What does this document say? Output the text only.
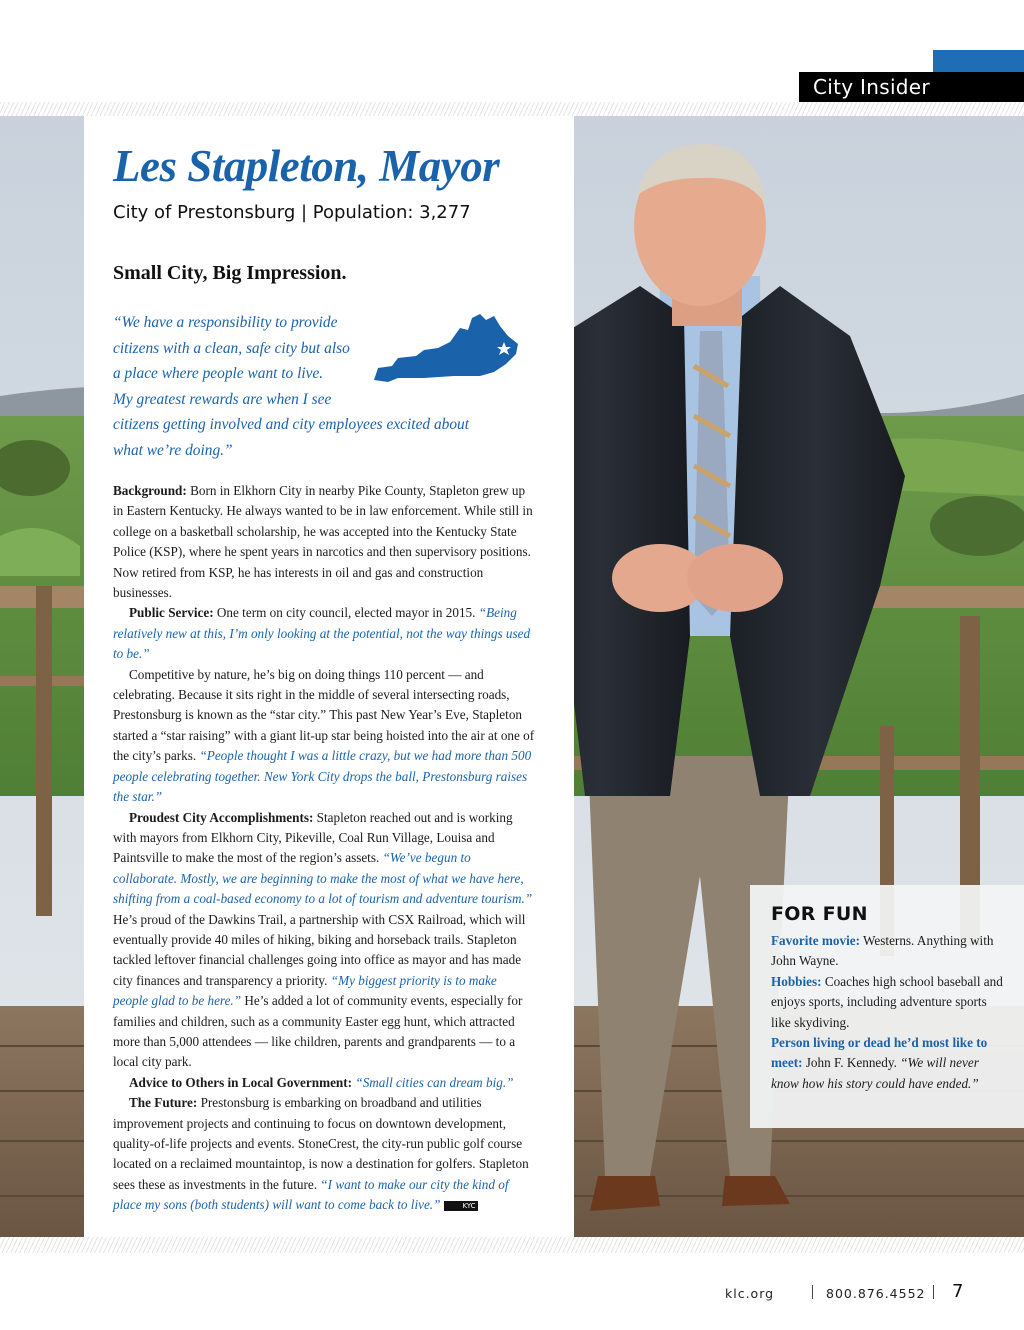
City Insider
Les Stapleton, Mayor
City of Prestonsburg | Population: 3,277
Small City, Big Impression.
“We have a responsibility to provide
citizens with a clean, safe city but also
a place where people want to live.
My greatest rewards are when I see
citizens getting involved and city employees excited about
what we’re doing.”

Background: Born in Elkhorn City in nearby Pike County, Stapleton grew up in Eastern Kentucky. He always wanted to be in law enforcement. While still in college on a basketball scholarship, he was accepted into the Kentucky State Police (KSP), where he spent years in narcotics and then supervisory positions. Now retired from KSP, he has interests in oil and gas and construction businesses.

Public Service: One term on city council, elected mayor in 2015. “Being relatively new at this, I’m only looking at the potential, not the way things used to be.”

Competitive by nature, he’s big on doing things 110 percent — and celebrating. Because it sits right in the middle of several intersecting roads, Prestonsburg is known as the “star city.” This past New Year’s Eve, Stapleton started a “star raising” with a giant lit-up star being hoisted into the air at one of the city’s parks. “People thought I was a little crazy, but we had more than 500 people celebrating together. New York City drops the ball, Prestonsburg raises the star.”

Proudest City Accomplishments: Stapleton reached out and is working with mayors from Elkhorn City, Pikeville, Coal Run Village, Louisa and Paintsville to make the most of the region’s assets. “We’ve begun to collaborate. Mostly, we are beginning to make the most of what we have here, shifting from a coal-based economy to a lot of tourism and adventure tourism.” He’s proud of the Dawkins Trail, a partnership with CSX Railroad, which will eventually provide 40 miles of hiking, biking and horseback trails. Stapleton tackled leftover financial challenges going into office as mayor and has made city finances and transparency a priority. “My biggest priority is to make people glad to be here.” He’s added a lot of community events, especially for families and children, such as a community Easter egg hunt, which attracted more than 5,000 attendees — like children, parents and grandparents — to a local city park.

Advice to Others in Local Government: “Small cities can dream big.”

The Future: Prestonsburg is embarking on broadband and utilities improvement projects and continuing to focus on downtown development, quality-of-life projects and events. StoneCrest, the city-run public golf course located on a reclaimed mountaintop, is now a destination for golfers. Stapleton sees these as investments in the future. “I want to make our city the kind of place my sons (both students) will want to come back to live.”	KYC

FOR FUN

Favorite movie: Westerns. Anything with John Wayne.

Hobbies: Coaches high school baseball and enjoys sports, including adventure sports like skydiving.

Person living or dead he’d most like to meet: John F. Kennedy. “We will never know how his story could have ended.”

klc.org	800.876.4552 7
